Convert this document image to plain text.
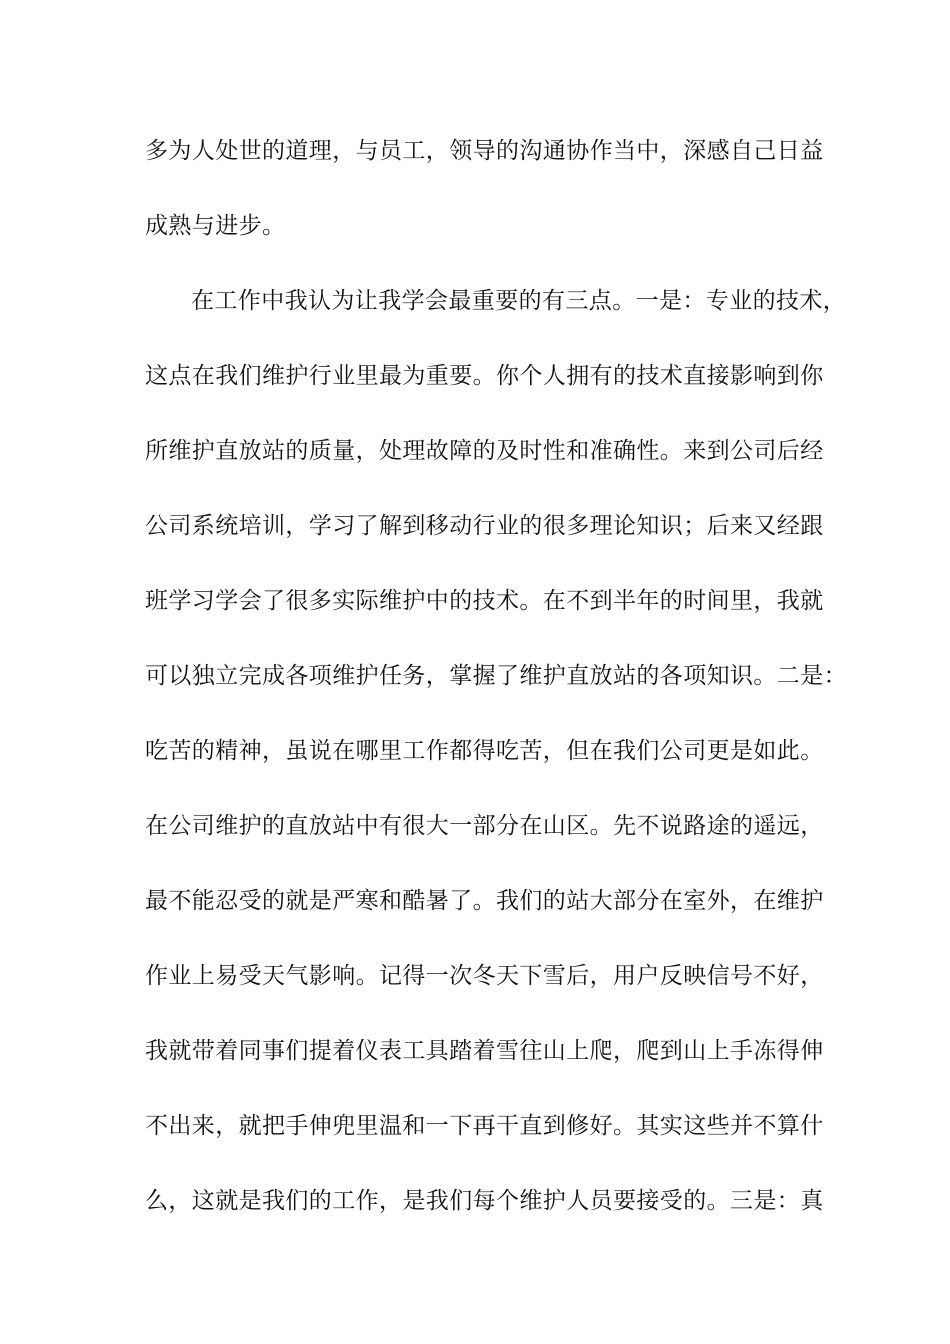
多为人处世的道理，与员工，领导的沟通协作当中，深感自己日益
成熟与进步。
在工作中我认为让我学会最重要的有三点。一是：专业的技术，
这点在我们维护行业里最为重要。你个人拥有的技术直接影响到你
所维护直放站的质量，处理故障的及时性和准确性。来到公司后经
公司系统培训，学习了解到移动行业的很多理论知识；后来又经跟
班学习学会了很多实际维护中的技术。在不到半年的时间里，我就
可以独立完成各项维护任务，掌握了维护直放站的各项知识。二是：
吃苦的精神，虽说在哪里工作都得吃苦，但在我们公司更是如此。
在公司维护的直放站中有很大一部分在山区。先不说路途的遥远，
最不能忍受的就是严寒和酷暑了。我们的站大部分在室外，在维护
作业上易受天气影响。记得一次冬天下雪后，用户反映信号不好，
我就带着同事们提着仪表工具踏着雪往山上爬，爬到山上手冻得伸
不出来，就把手伸兜里温和一下再干直到修好。其实这些并不算什
么，这就是我们的工作，是我们每个维护人员要接受的。三是：真
